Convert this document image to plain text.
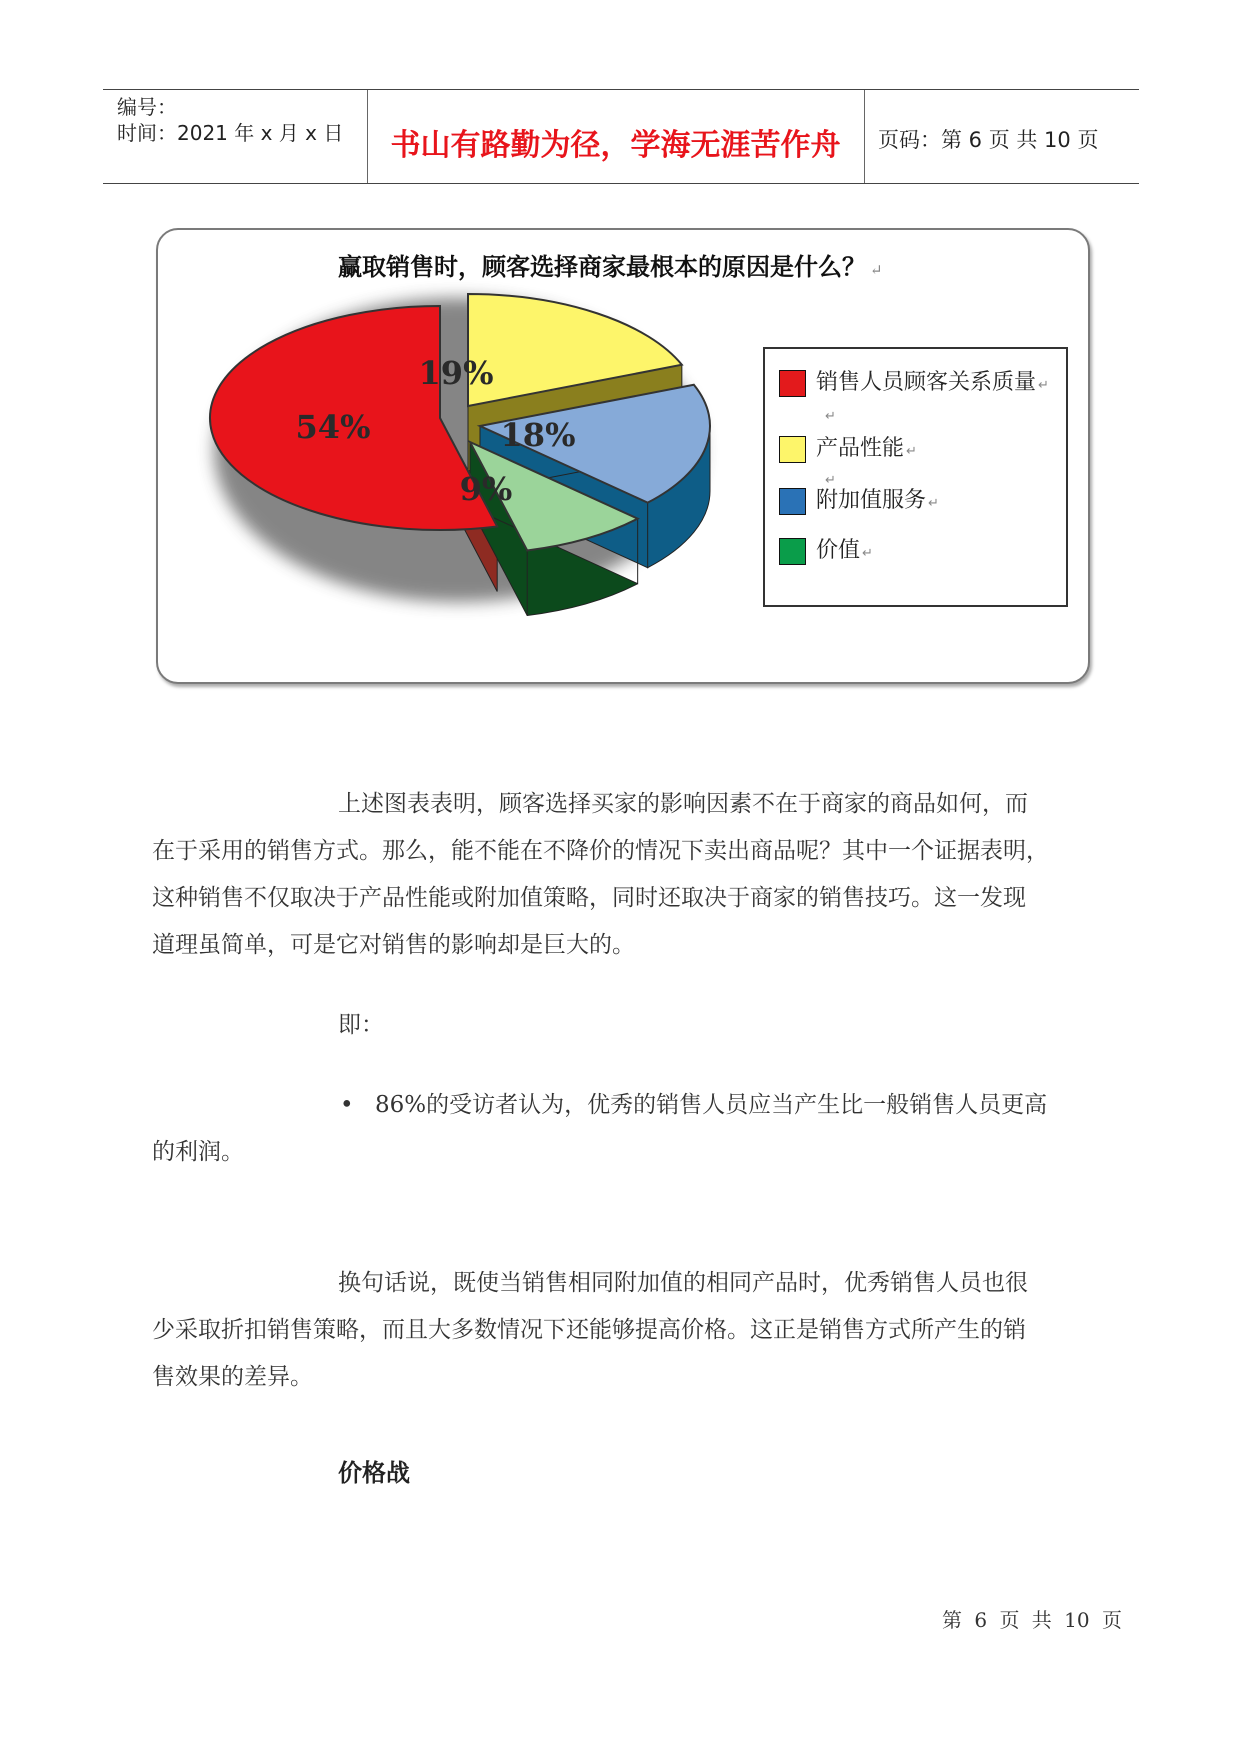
编号：
时间：2021 年 x 月 x 日	书山有路勤为径，学海无涯苦作舟	页码：第 6 页 共 10 页
赢取销售时，顾客选择商家最根本的原因是什么？ ↵
54%
19%
18%
9%
销售人员顾客关系质量 ↵
↵
产品性能 ↵
↵
附加值服务 ↵
价值 ↵
上述图表表明，顾客选择买家的影响因素不在于商家的商品如何，而
在于采用的销售方式。那么，能不能在不降价的情况下卖出商品呢？其中一个证据表明，
这种销售不仅取决于产品性能或附加值策略，同时还取决于商家的销售技巧。这一发现
道理虽简单，可是它对销售的影响却是巨大的。
即：
• 86%的受访者认为，优秀的销售人员应当产生比一般销售人员更高
的利润。
换句话说，既使当销售相同附加值的相同产品时，优秀销售人员也很
少采取折扣销售策略，而且大多数情况下还能够提高价格。这正是销售方式所产生的销
售效果的差异。
价格战
第 6 页 共 10 页
